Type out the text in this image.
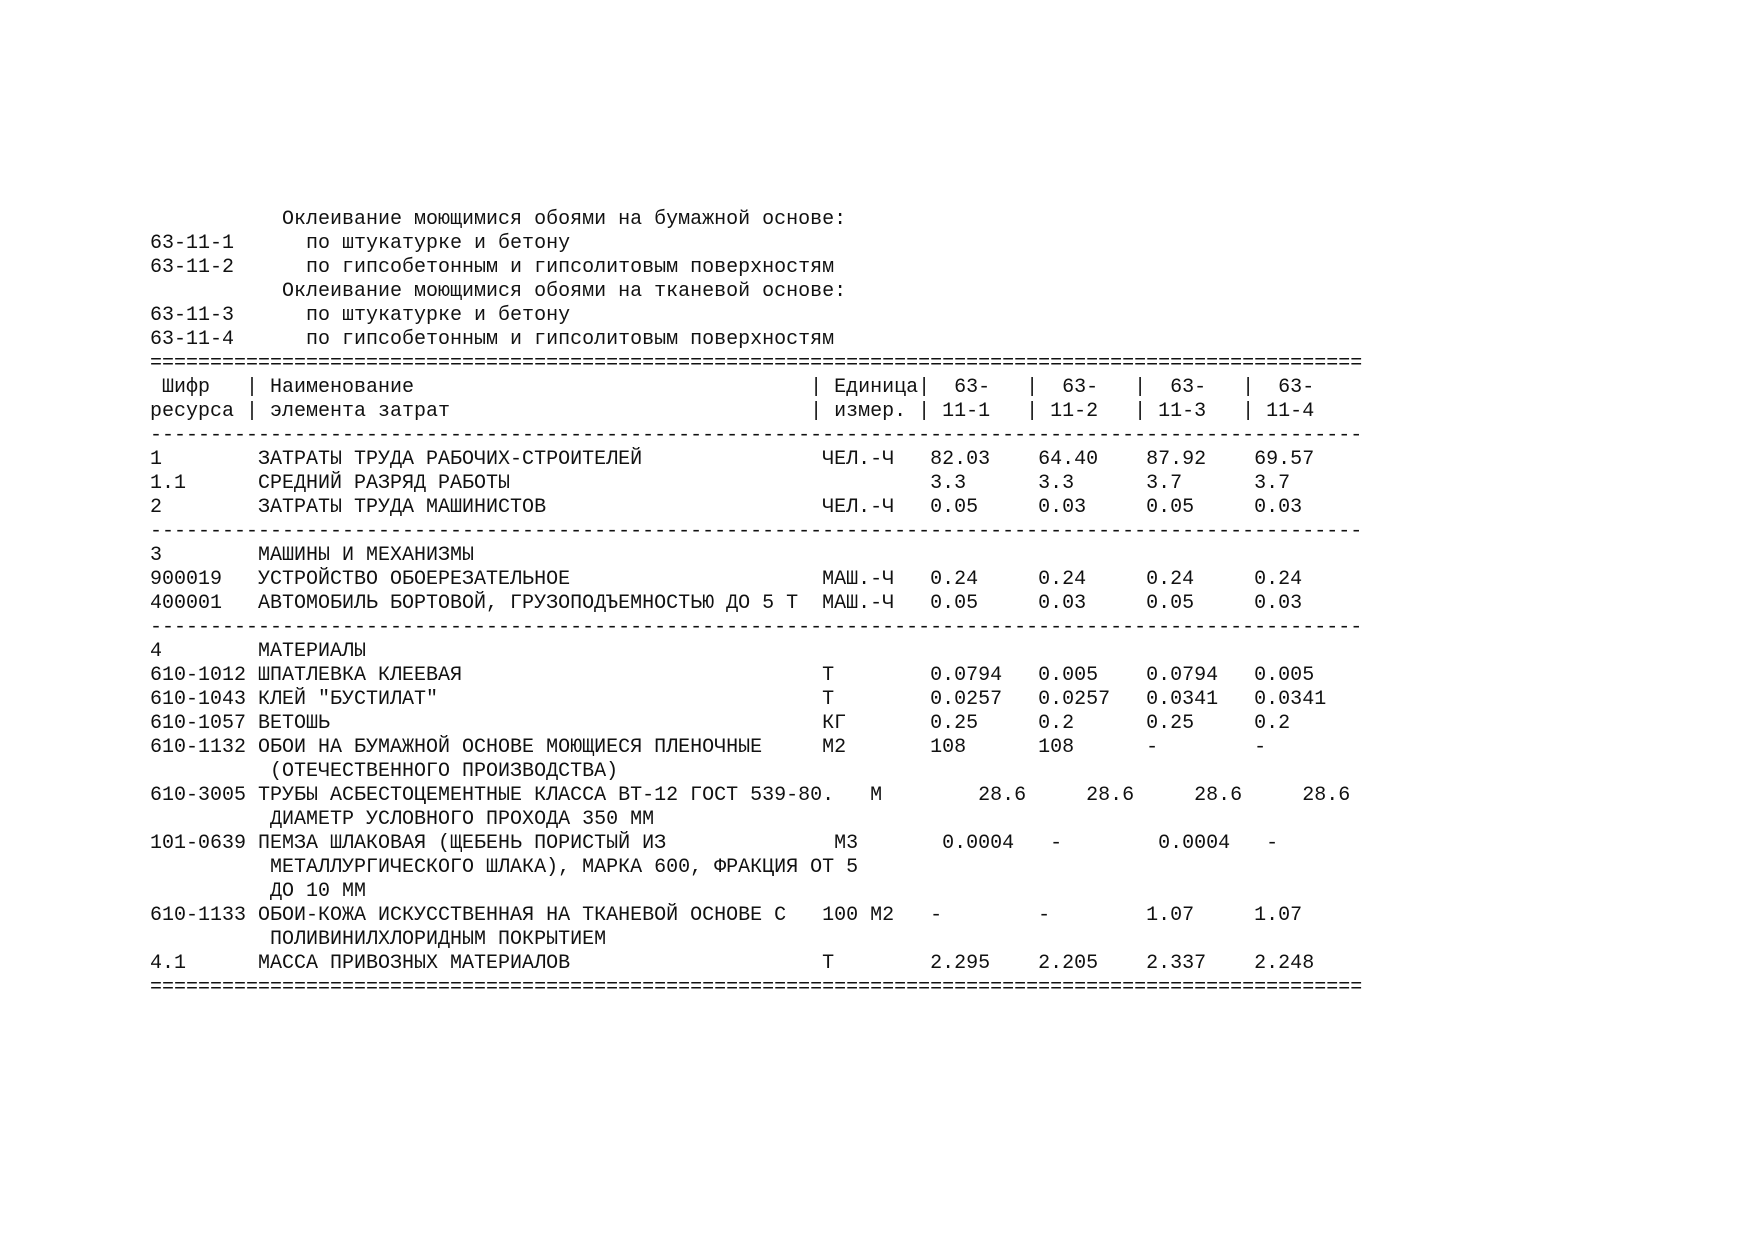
Оклеивание моющимися обоями на бумажной основе:
63-11-1      по штукатурке и бетону
63-11-2      по гипсобетонным и гипсолитовым поверхностям
Оклеивание моющимися обоями на тканевой основе:
63-11-3      по штукатурке и бетону
63-11-4      по гипсобетонным и гипсолитовым поверхностям
=====================================================================================================
Шифр   | Наименование                                 | Единица|  63-   |  63-   |  63-   |  63-
ресурса | элемента затрат                              | измер. | 11-1   | 11-2   | 11-3   | 11-4
-----------------------------------------------------------------------------------------------------
1        ЗАТРАТЫ ТРУДА РАБОЧИХ-СТРОИТЕЛЕЙ               ЧЕЛ.-Ч   82.03    64.40    87.92    69.57
1.1      СРЕДНИЙ РАЗРЯД РАБОТЫ                                   3.3      3.3      3.7      3.7
2        ЗАТРАТЫ ТРУДА МАШИНИСТОВ                       ЧЕЛ.-Ч   0.05     0.03     0.05     0.03
-----------------------------------------------------------------------------------------------------
3        МАШИНЫ И МЕХАНИЗМЫ
900019   УСТРОЙСТВО ОБОЕРЕЗАТЕЛЬНОЕ                     МАШ.-Ч   0.24     0.24     0.24     0.24
400001   АВТОМОБИЛЬ БОРТОВОЙ, ГРУЗОПОДЪЕМНОСТЬЮ ДО 5 Т  МАШ.-Ч   0.05     0.03     0.05     0.03
-----------------------------------------------------------------------------------------------------
4        МАТЕРИАЛЫ
610-1012 ШПАТЛЕВКА КЛЕЕВАЯ                              Т        0.0794   0.005    0.0794   0.005
610-1043 КЛЕЙ "БУСТИЛАТ"                                Т        0.0257   0.0257   0.0341   0.0341
610-1057 ВЕТОШЬ                                         КГ       0.25     0.2      0.25     0.2
610-1132 ОБОИ НА БУМАЖНОЙ ОСНОВЕ МОЮЩИЕСЯ ПЛЕНОЧНЫЕ     М2       108      108      -        -
(ОТЕЧЕСТВЕННОГО ПРОИЗВОДСТВА)
610-3005 ТРУБЫ АСБЕСТОЦЕМЕНТНЫЕ КЛАССА ВТ-12 ГОСТ 539-80.   М        28.6     28.6     28.6     28.6
ДИАМЕТР УСЛОВНОГО ПРОХОДА 350 ММ
101-0639 ПЕМЗА ШЛАКОВАЯ (ЩЕБЕНЬ ПОРИСТЫЙ ИЗ              М3       0.0004   -        0.0004   -
МЕТАЛЛУРГИЧЕСКОГО ШЛАКА), МАРКА 600, ФРАКЦИЯ ОТ 5
ДО 10 ММ
610-1133 ОБОИ-КОЖА ИСКУССТВЕННАЯ НА ТКАНЕВОЙ ОСНОВЕ С   100 М2   -        -        1.07     1.07
ПОЛИВИНИЛХЛОРИДНЫМ ПОКРЫТИЕМ
4.1      МАССА ПРИВОЗНЫХ МАТЕРИАЛОВ                     Т        2.295    2.205    2.337    2.248
=====================================================================================================
